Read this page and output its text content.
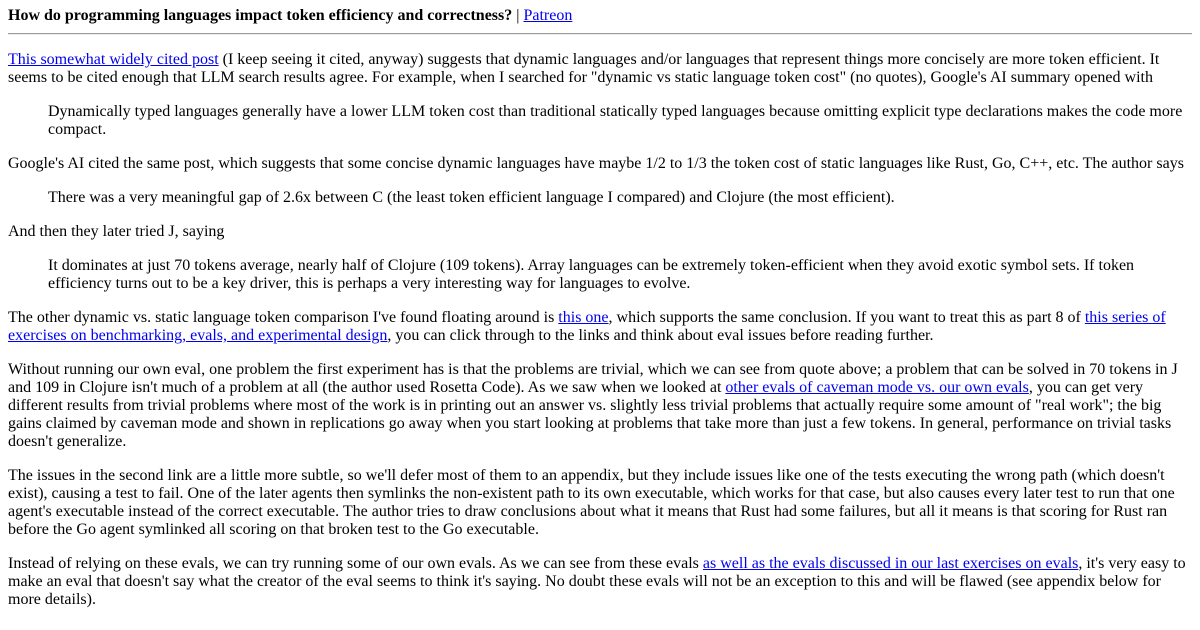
How do programming languages impact token efficiency and correctness? | Patreon

This somewhat widely cited post (I keep seeing it cited, anyway) suggests that dynamic languages and/or languages that represent things more concisely are more token efficient. It seems to be cited enough that LLM search results agree. For example, when I searched for "dynamic vs static language token cost" (no quotes), Google's AI summary opened with

Dynamically typed languages generally have a lower LLM token cost than traditional statically typed languages because omitting explicit type declarations makes the code more compact.

Google's AI cited the same post, which suggests that some concise dynamic languages have maybe 1/2 to 1/3 the token cost of static languages like Rust, Go, C++, etc. The author says

There was a very meaningful gap of 2.6x between C (the least token efficient language I compared) and Clojure (the most efficient).

And then they later tried J, saying

It dominates at just 70 tokens average, nearly half of Clojure (109 tokens). Array languages can be extremely token-efficient when they avoid exotic symbol sets. If token efficiency turns out to be a key driver, this is perhaps a very interesting way for languages to evolve.

The other dynamic vs. static language token comparison I've found floating around is this one, which supports the same conclusion. If you want to treat this as part 8 of this series of exercises on benchmarking, evals, and experimental design, you can click through to the links and think about eval issues before reading further.

Without running our own eval, one problem the first experiment has is that the problems are trivial, which we can see from quote above; a problem that can be solved in 70 tokens in J and 109 in Clojure isn't much of a problem at all (the author used Rosetta Code). As we saw when we looked at other evals of caveman mode vs. our own evals, you can get very different results from trivial problems where most of the work is in printing out an answer vs. slightly less trivial problems that actually require some amount of "real work"; the big gains claimed by caveman mode and shown in replications go away when you start looking at problems that take more than just a few tokens. In general, performance on trivial tasks doesn't generalize.

The issues in the second link are a little more subtle, so we'll defer most of them to an appendix, but they include issues like one of the tests executing the wrong path (which doesn't exist), causing a test to fail. One of the later agents then symlinks the non-existent path to its own executable, which works for that case, but also causes every later test to run that one agent's executable instead of the correct executable. The author tries to draw conclusions about what it means that Rust had some failures, but all it means is that scoring for Rust ran before the Go agent symlinked all scoring on that broken test to the Go executable.

Instead of relying on these evals, we can try running some of our own evals. As we can see from these evals as well as the evals discussed in our last exercises on evals, it's very easy to make an eval that doesn't say what the creator of the eval seems to think it's saying. No doubt these evals will not be an exception to this and will be flawed (see appendix below for more details).
